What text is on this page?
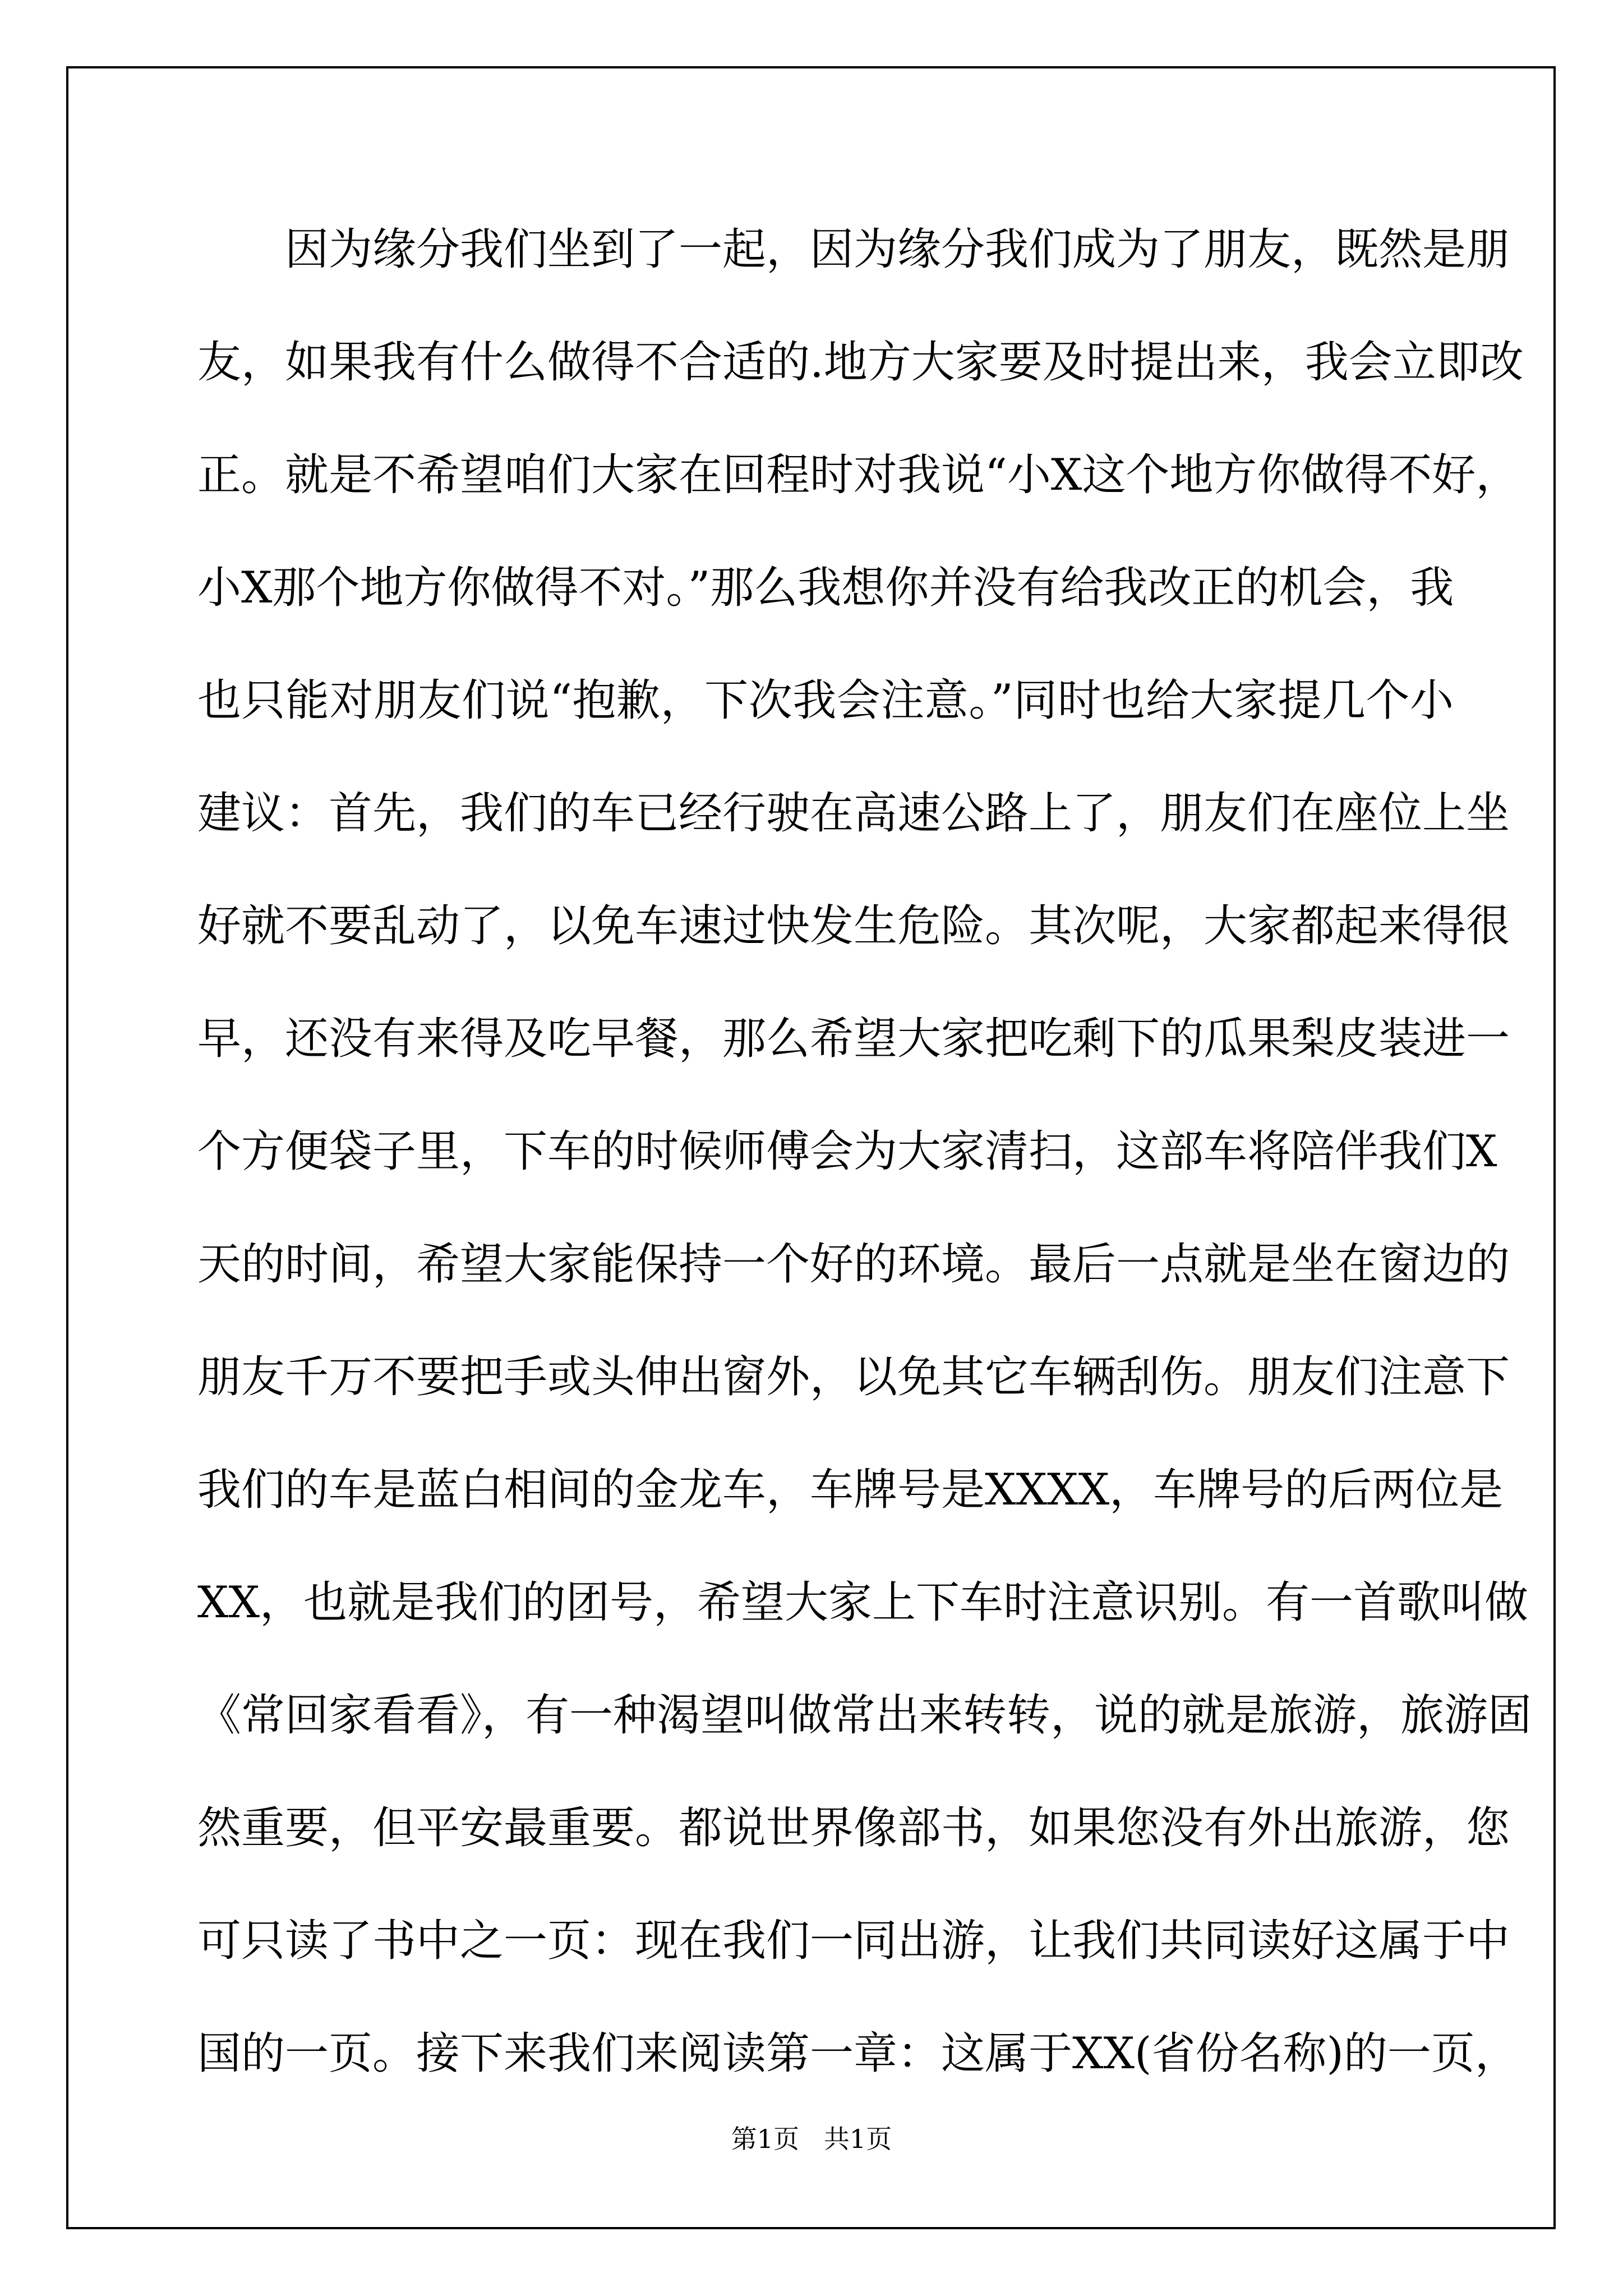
因为缘分我们坐到了一起，因为缘分我们成为了朋友，既然是朋
友，如果我有什么做得不合适的.地方大家要及时提出来，我会立即改
正。就是不希望咱们大家在回程时对我说“小X这个地方你做得不好，
小X那个地方你做得不对。”那么我想你并没有给我改正的机会，我
也只能对朋友们说“抱歉，下次我会注意。”同时也给大家提几个小
建议：首先，我们的车已经行驶在高速公路上了，朋友们在座位上坐
好就不要乱动了，以免车速过快发生危险。其次呢，大家都起来得很
早，还没有来得及吃早餐，那么希望大家把吃剩下的瓜果梨皮装进一
个方便袋子里，下车的时候师傅会为大家清扫，这部车将陪伴我们X
天的时间，希望大家能保持一个好的环境。最后一点就是坐在窗边的
朋友千万不要把手或头伸出窗外，以免其它车辆刮伤。朋友们注意下
我们的车是蓝白相间的金龙车，车牌号是XXXX，车牌号的后两位是
XX，也就是我们的团号，希望大家上下车时注意识别。有一首歌叫做
《常回家看看》，有一种渴望叫做常出来转转，说的就是旅游，旅游固
然重要，但平安最重要。都说世界像部书，如果您没有外出旅游，您
可只读了书中之一页：现在我们一同出游，让我们共同读好这属于中
国的一页。接下来我们来阅读第一章：这属于XX(省份名称)的一页，
第1页   共1页
